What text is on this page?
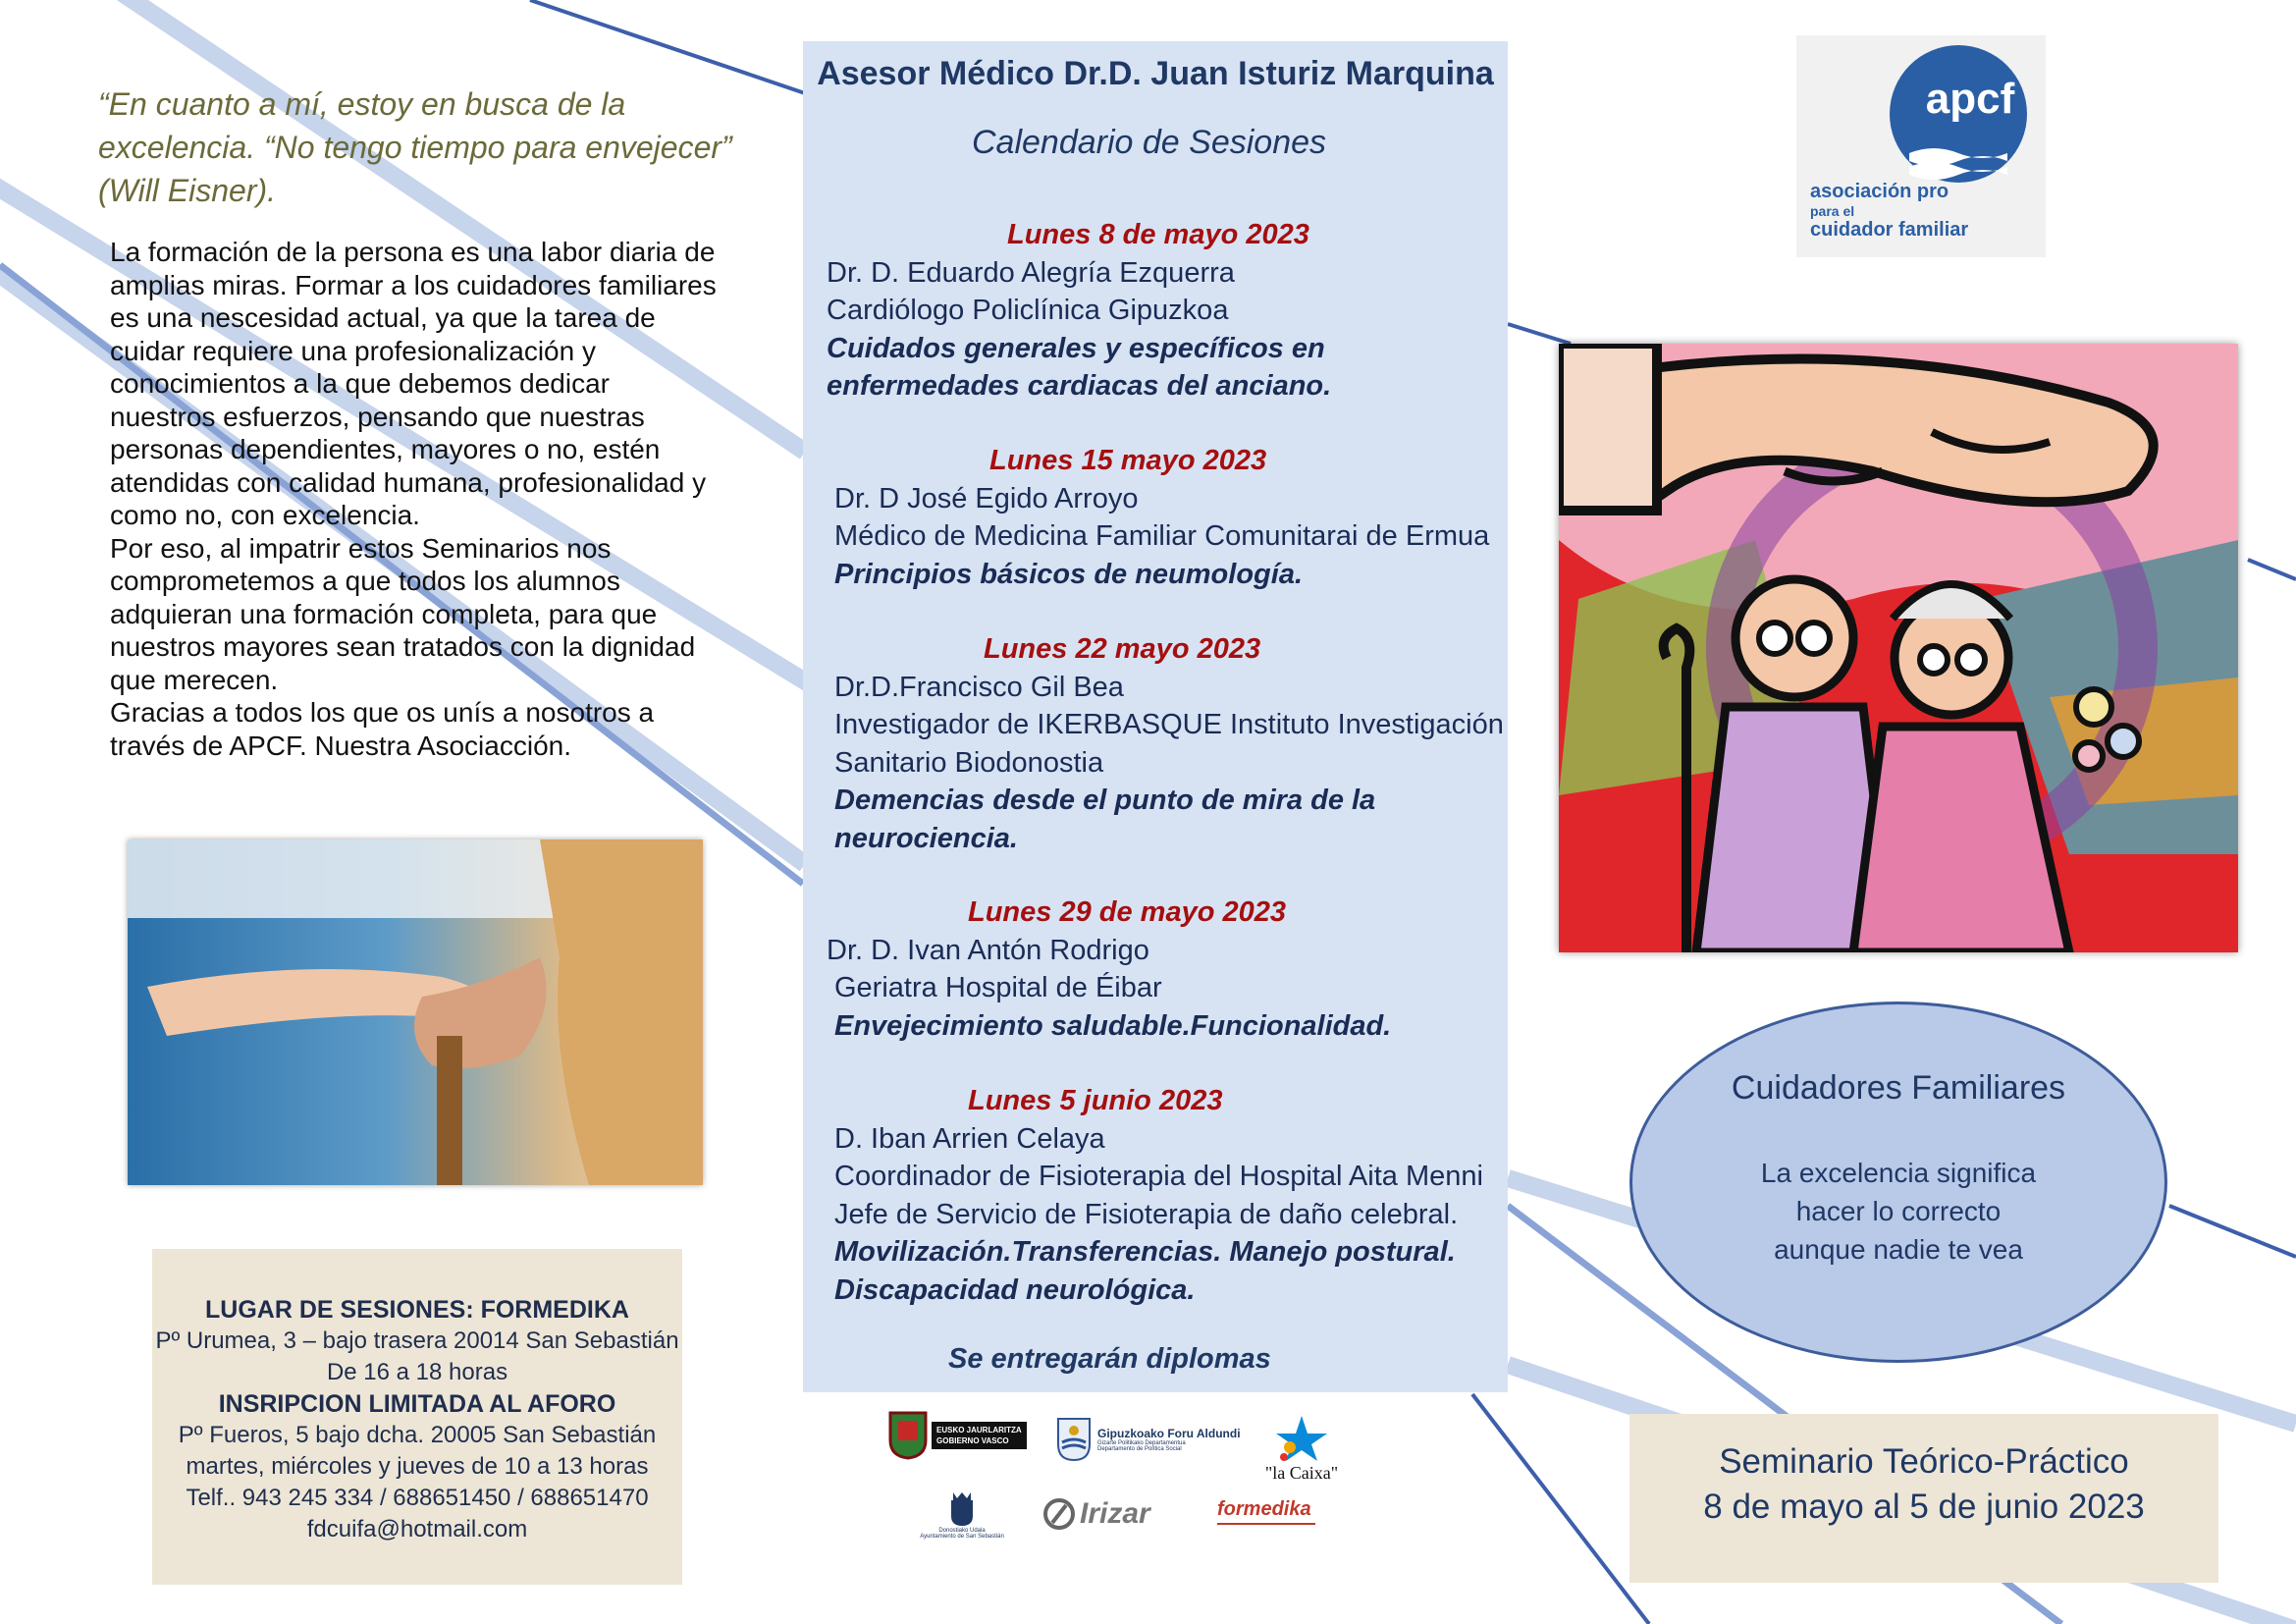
“En cuanto a mí, estoy en busca de la excelencia. “No tengo tiempo para envejecer” (Will Eisner).

La formación de la persona es una labor diaria de amplias miras. Formar a los cuidadores familiares es una nescesidad actual, ya que la tarea de cuidar requiere una profesionalización y conocimientos a la que debemos dedicar nuestros esfuerzos, pensando que nuestras personas dependientes, mayores o no, estén atendidas con calidad humana, profesionalidad y como no, con excelencia.

Por eso, al impatrir estos Seminarios nos comprometemos a que todos los alumnos adquieran una formación completa, para que nuestros mayores sean tratados con la dignidad que merecen.

Gracias a todos los que os unís a nosotros a través de APCF. Nuestra Asociacción.

LUGAR DE SESIONES: FORMEDIKA
Pº Urumea, 3 – bajo trasera 20014 San Sebastián
De 16 a 18 horas
INSRIPCION LIMITADA AL AFORO
Pº Fueros, 5 bajo dcha. 20005 San Sebastián
martes, miércoles y jueves de 10 a 13 horas
Telf.. 943 245 334 / 688651450 / 688651470
fdcuifa@hotmail.com
Asesor Médico Dr.D. Juan Isturiz Marquina
Calendario de Sesiones
Lunes 8 de mayo 2023
Dr. D. Eduardo Alegría Ezquerra
Cardiólogo Policlínica Gipuzkoa
Cuidados generales y específicos en
enfermedades cardiacas del anciano.
Lunes 15 mayo 2023
Dr. D José Egido Arroyo
Médico de Medicina Familiar Comunitarai de Ermua
Principios básicos de neumología.
Lunes 22 mayo 2023
Dr.D.Francisco Gil Bea
Investigador de IKERBASQUE Instituto Investigación
Sanitario Biodonostia
Demencias desde el punto de mira de la
neurociencia.
Lunes 29 de mayo 2023
Dr. D. Ivan Antón Rodrigo
Geriatra Hospital de Éibar
Envejecimiento saludable.Funcionalidad.
Lunes 5 junio 2023
D. Iban Arrien Celaya
Coordinador de Fisioterapia del Hospital Aita Menni
Jefe de Servicio de Fisioterapia de daño celebral.
Movilización.Transferencias. Manejo postural.
Discapacidad neurológica.
Se entregarán diplomas
EUSKO JAURLARITZA
GOBIERNO VASCO
Gipuzkoako Foru Aldundi
Gizarte Politikako Departamentua
Departamento de Política Social
"la Caixa"
Donostiako Udala
Ayuntamiento de San Sebastián
Irizar	formedika
apcf
asociación pro
para el
cuidador familiar
Cuidadores Familiares
La excelencia significa
hacer lo correcto
aunque nadie te vea
Seminario Teórico-Práctico
8 de mayo al 5 de junio 2023
